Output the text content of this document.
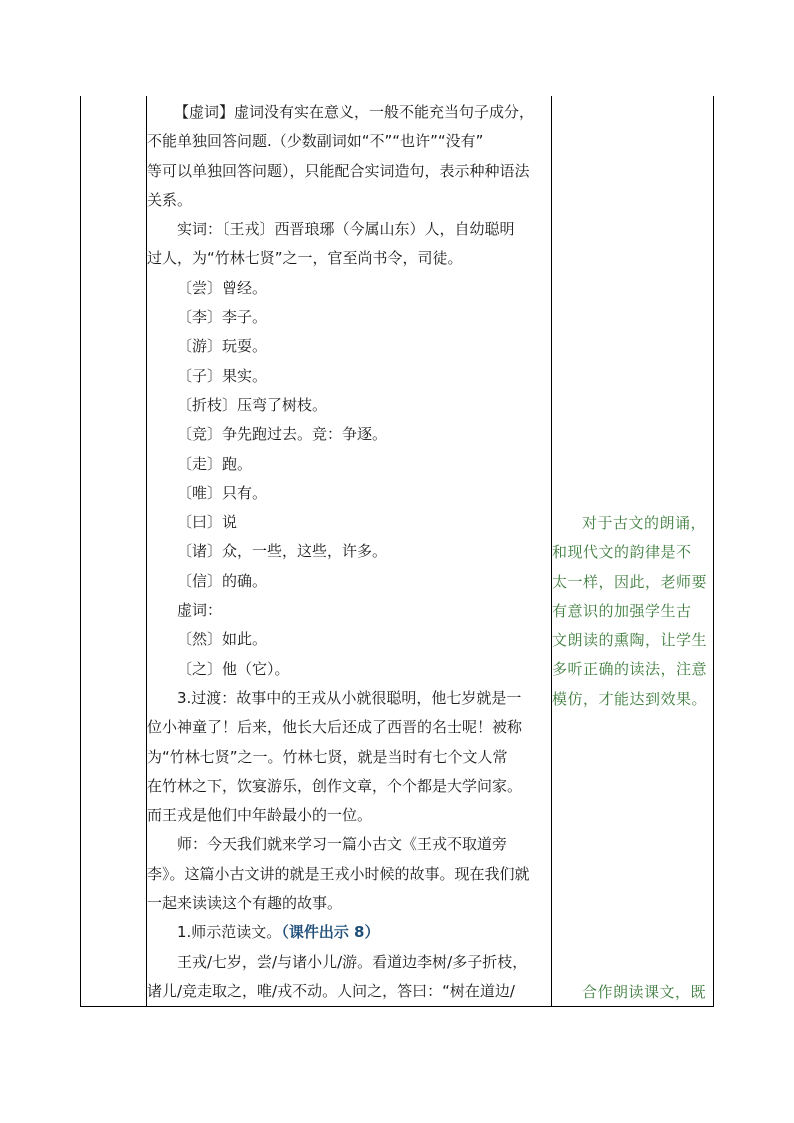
【虚词】虚词没有实在意义，一般不能充当句子成分，
不能单独回答问题.（少数副词如“不”“也许”“没有”
等可以单独回答问题），只能配合实词造句，表示种种语法
关系。
实词：〔王戎〕西晋琅琊（今属山东）人，自幼聪明
过人，为“竹林七贤”之一，官至尚书令，司徒。
〔尝〕曾经。
〔李〕李子。
〔游〕玩耍。
〔子〕果实。
〔折枝〕压弯了树枝。
〔竞〕争先跑过去。竞：争逐。
〔走〕跑。
〔唯〕只有。
〔曰〕说
〔诸〕众，一些，这些，许多。
〔信〕的确。
虚词：
〔然〕如此。
〔之〕他（它）。
3.过渡：故事中的王戎从小就很聪明，他七岁就是一
位小神童了！后来，他长大后还成了西晋的名士呢！被称
为“竹林七贤”之一。竹林七贤，就是当时有七个文人常
在竹林之下，饮宴游乐，创作文章，个个都是大学问家。
而王戎是他们中年龄最小的一位。
师：今天我们就来学习一篇小古文《王戎不取道旁
李》。这篇小古文讲的就是王戎小时候的故事。现在我们就
一起来读读这个有趣的故事。
1.师示范读文。（课件出示 8）
王戎/七岁，尝/与诸小儿/游。看道边李树/多子折枝，
诸儿/竞走取之，唯/戎不动。人问之，答曰：“树在道边/
对于古文的朗诵，
和现代文的韵律是不
太一样，因此，老师要
有意识的加强学生古
文朗读的熏陶，让学生
多听正确的读法，注意
模仿，才能达到效果。
合作朗读课文，既
